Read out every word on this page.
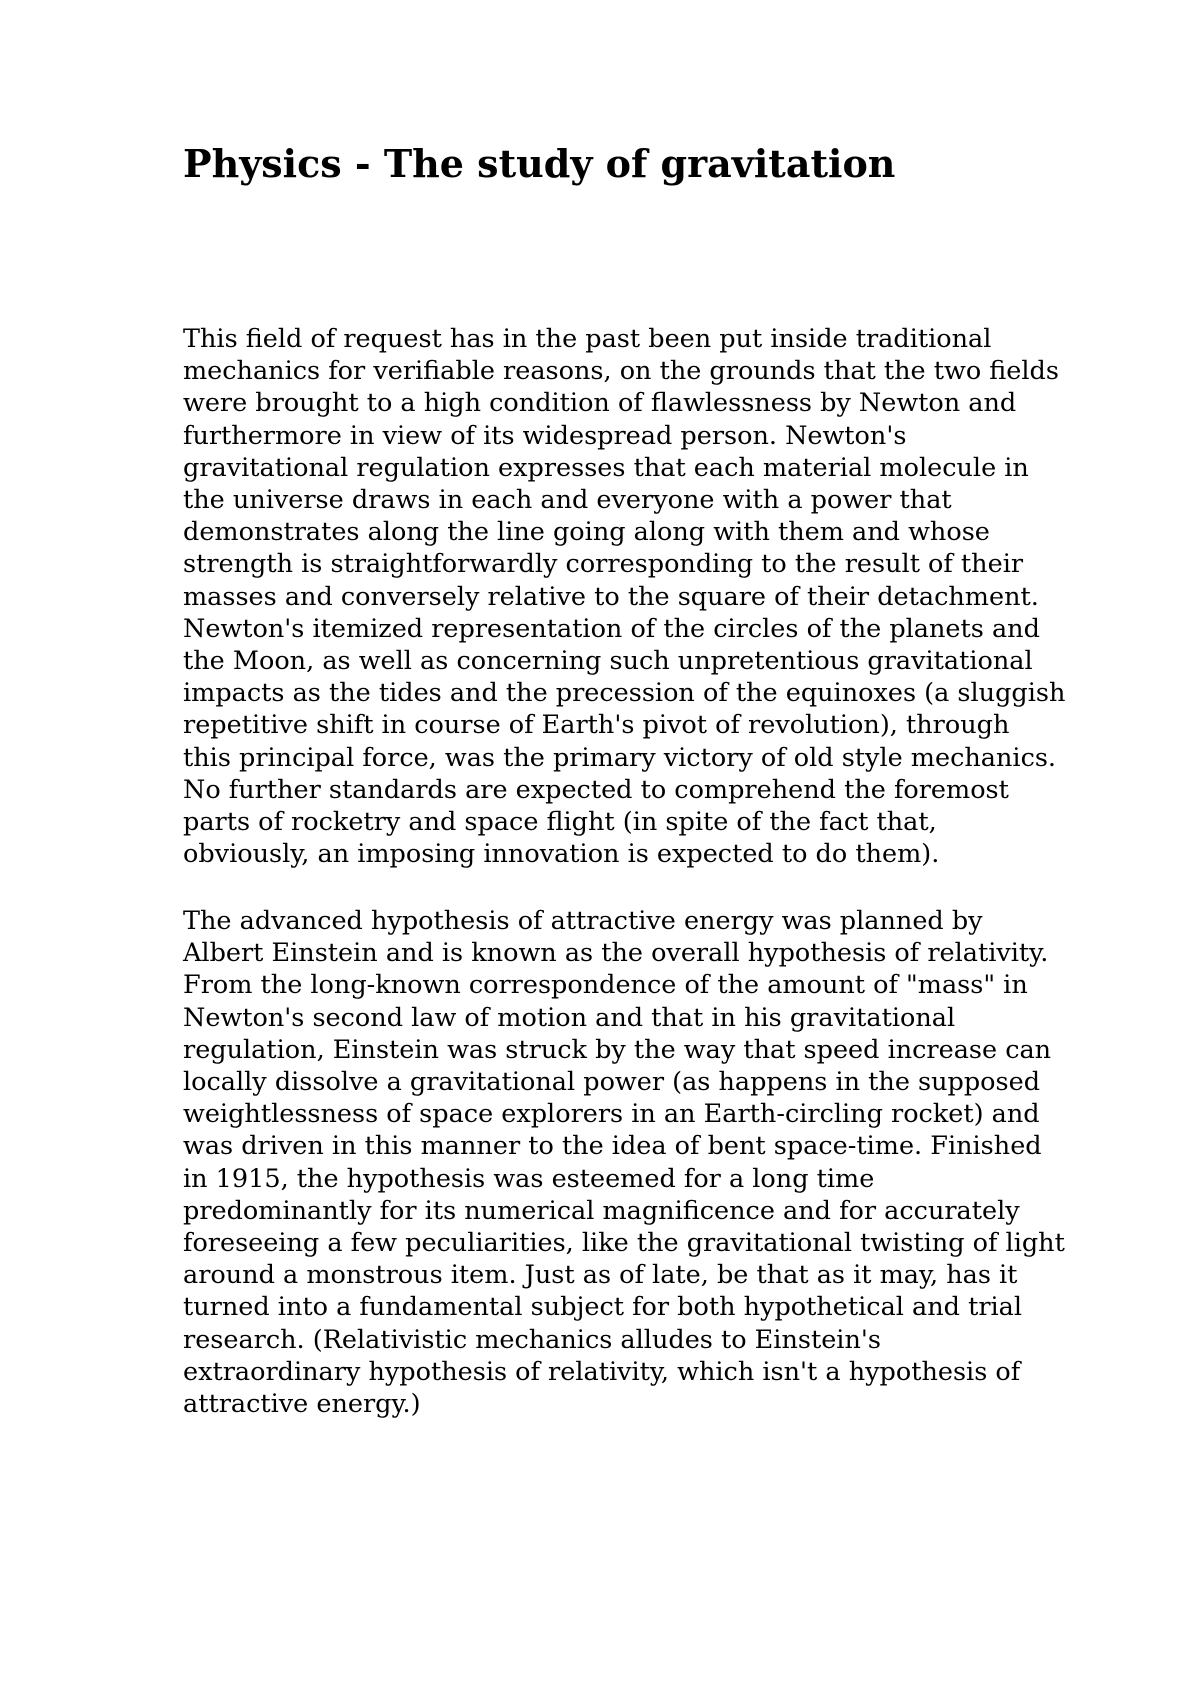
Physics - The study of gravitation
This field of request has in the past been put inside traditional
mechanics for verifiable reasons, on the grounds that the two fields
were brought to a high condition of flawlessness by Newton and
furthermore in view of its widespread person. Newton's
gravitational regulation expresses that each material molecule in
the universe draws in each and everyone with a power that
demonstrates along the line going along with them and whose
strength is straightforwardly corresponding to the result of their
masses and conversely relative to the square of their detachment.
Newton's itemized representation of the circles of the planets and
the Moon, as well as concerning such unpretentious gravitational
impacts as the tides and the precession of the equinoxes (a sluggish
repetitive shift in course of Earth's pivot of revolution), through
this principal force, was the primary victory of old style mechanics.
No further standards are expected to comprehend the foremost
parts of rocketry and space flight (in spite of the fact that,
obviously, an imposing innovation is expected to do them).
The advanced hypothesis of attractive energy was planned by
Albert Einstein and is known as the overall hypothesis of relativity.
From the long-known correspondence of the amount of "mass" in
Newton's second law of motion and that in his gravitational
regulation, Einstein was struck by the way that speed increase can
locally dissolve a gravitational power (as happens in the supposed
weightlessness of space explorers in an Earth-circling rocket) and
was driven in this manner to the idea of bent space-time. Finished
in 1915, the hypothesis was esteemed for a long time
predominantly for its numerical magnificence and for accurately
foreseeing a few peculiarities, like the gravitational twisting of light
around a monstrous item. Just as of late, be that as it may, has it
turned into a fundamental subject for both hypothetical and trial
research. (Relativistic mechanics alludes to Einstein's
extraordinary hypothesis of relativity, which isn't a hypothesis of
attractive energy.)
